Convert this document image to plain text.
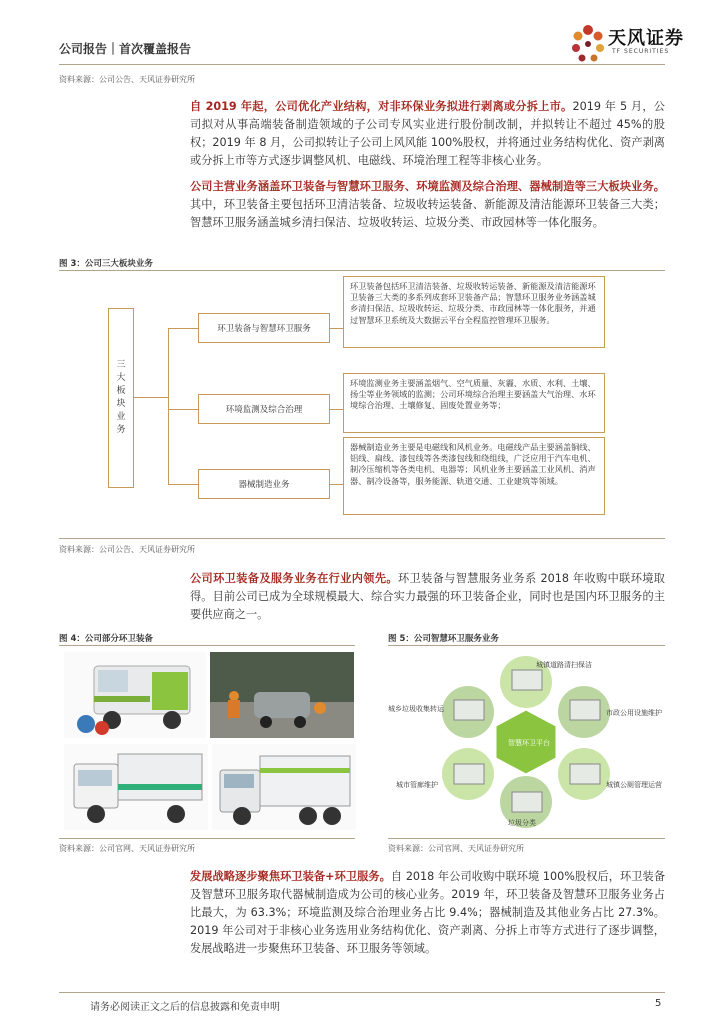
公司报告｜首次覆盖报告	天风证券
TF SECURITIES
资料来源：公司公告、天风证券研究所
自 2019 年起，公司优化产业结构，对非环保业务拟进行剥离或分拆上市。2019 年 5 月，公司拟对从事高端装备制造领域的子公司专风实业进行股份制改制，并拟转让不超过 45%的股权；2019 年 8 月，公司拟转让子公司上风风能 100%股权，并将通过业务结构优化、资产剥离或分拆上市等方式逐步调整风机、电磁线、环境治理工程等非核心业务。
公司主营业务涵盖环卫装备与智慧环卫服务、环境监测及综合治理、器械制造等三大板块业务。其中，环卫装备主要包括环卫清洁装备、垃圾收转运装备、新能源及清洁能源环卫装备三大类；智慧环卫服务涵盖城乡清扫保洁、垃圾收转运、垃圾分类、市政园林等一体化服务。
图 3：公司三大板块业务
三大板块业务
环卫装备与智慧环卫服务
环境监测及综合治理
器械制造业务
环卫装备包括环卫清洁装备、垃圾收转运装备、新能源及清洁能源环卫装备三大类的多系列成套环卫装备产品；智慧环卫服务业务涵盖城乡清扫保洁、垃圾收转运、垃圾分类、市政园林等一体化服务，并通过智慧环卫系统及大数据云平台全程监控管理环卫服务。
环境监测业务主要涵盖烟气、空气质量、灰霾、水质、水利、土壤、扬尘等业务领域的监测；公司环境综合治理主要涵盖大气治理、水环境综合治理、土壤修复、固废处置业务等；
器械制造业务主要是电磁线和风机业务。电磁线产品主要涵盖铜线、铝线、扁线、漆包线等各类漆包线和绕组线，广泛应用于汽车电机、制冷压缩机等各类电机、电器等；风机业务主要涵盖工业风机、消声器、制冷设备等，服务能源、轨道交通、工业建筑等领域。
资料来源：公司公告、天风证券研究所
公司环卫装备及服务业务在行业内领先。环卫装备与智慧服务业务系 2018 年收购中联环境取得。目前公司已成为全球规模最大、综合实力最强的环卫装备企业，同时也是国内环卫服务的主要供应商之一。
图 4：公司部分环卫装备
资料来源：公司官网、天风证券研究所
图 5：公司智慧环卫服务业务
智慧环卫平台
城镇道路清扫保洁
市政公用设施维护
城镇公厕管理运营
垃圾分类
城市管廊维护
城乡垃圾收集转运
资料来源：公司官网、天风证券研究所
发展战略逐步聚焦环卫装备+环卫服务。自 2018 年公司收购中联环境 100%股权后，环卫装备及智慧环卫服务取代器械制造成为公司的核心业务。2019 年，环卫装备及智慧环卫服务业务占比最大，为 63.3%；环境监测及综合治理业务占比 9.4%；器械制造及其他业务占比 27.3%。2019 年公司对于非核心业务选用业务结构优化、资产剥离、分拆上市等方式进行了逐步调整，发展战略进一步聚焦环卫装备、环卫服务等领域。
请务必阅读正文之后的信息披露和免责申明	5
